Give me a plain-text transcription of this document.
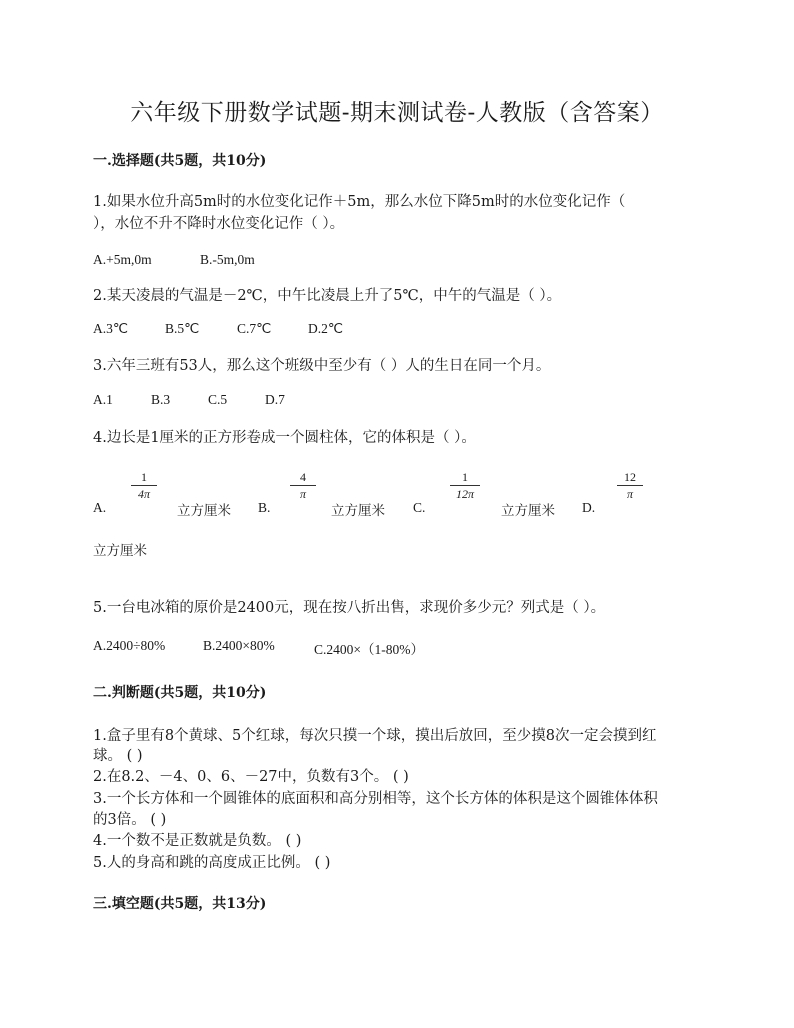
六年级下册数学试题-期末测试卷-人教版（含答案）
一.选择题(共5题，共10分)
1.如果水位升高5m时的水位变化记作＋5m，那么水位下降5m时的水位变化记作（
），水位不升不降时水位变化记作（ ）。
A.+5m,0m	B.-5m,0m
2.某天凌晨的气温是－2℃，中午比凌晨上升了5℃，中午的气温是（ ）。
A.3℃	B.5℃	C.7℃	D.2℃
3.六年三班有53人，那么这个班级中至少有（ ）人的生日在同一个月。
A.1	B.3	C.5	D.7
4.边长是1厘米的正方形卷成一个圆柱体，它的体积是（ ）。
A.
$\frac{1}{4\pi}$
立方厘米 B.
$\frac{4}{\pi}$
立方厘米 C.
$\frac{1}{12\pi}$
立方厘米 D.
$\frac{12}{\pi}$
立方厘米
5.一台电冰箱的原价是2400元，现在按八折出售，求现价多少元？列式是（ ）。
A.2400÷80%	B.2400×80%	C.2400×（1-80%）
二.判断题(共5题，共10分)
1.盒子里有8个黄球、5个红球，每次只摸一个球，摸出后放回，至少摸8次一定会摸到红
球。 ( )
2.在8.2、－4、0、6、－27中，负数有3个。 ( )
3.一个长方体和一个圆锥体的底面积和高分别相等，这个长方体的体积是这个圆锥体体积
的3倍。 ( )
4.一个数不是正数就是负数。 ( )
5.人的身高和跳的高度成正比例。 ( )
三.填空题(共5题，共13分)
